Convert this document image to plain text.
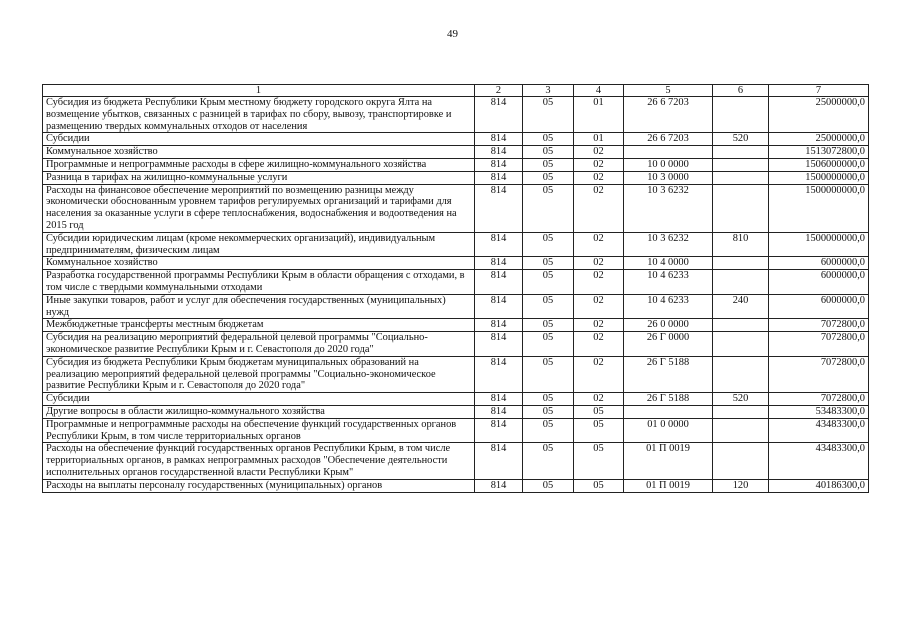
49
1	2	3	4	5	6	7
Субсидия из бюджета Республики Крым местному бюджету городского округа Ялта на возмещение убытков, связанных с разницей в тарифах по сбору, вывозу, транспортировке и размещению твердых коммунальных отходов от населения	814	05	01	26 6 7203		25000000,0
Субсидии	814	05	01	26 6 7203	520	25000000,0
Коммунальное хозяйство	814	05	02			1513072800,0
Программные и непрограммные расходы в сфере жилищно-коммунального хозяйства	814	05	02	10 0 0000		1506000000,0
Разница в тарифах на жилищно-коммунальные услуги	814	05	02	10 3 0000		1500000000,0
Расходы на финансовое обеспечение мероприятий по возмещению разницы между экономически обоснованным уровнем тарифов регулируемых организаций и тарифами для населения за оказанные услуги в сфере теплоснабжения, водоснабжения и водоотведения на 2015 год	814	05	02	10 3 6232		1500000000,0
Субсидии юридическим лицам (кроме некоммерческих организаций), индивидуальным предпринимателям, физическим лицам	814	05	02	10 3 6232	810	1500000000,0
Коммунальное хозяйство	814	05	02	10 4 0000		6000000,0
Разработка государственной программы Республики Крым в области обращения с отходами, в том числе с твердыми коммунальными отходами	814	05	02	10 4 6233		6000000,0
Иные закупки товаров, работ и услуг для обеспечения государственных (муниципальных) нужд	814	05	02	10 4 6233	240	6000000,0
Межбюджетные трансферты местным бюджетам	814	05	02	26 0 0000		7072800,0
Субсидия на реализацию мероприятий федеральной целевой программы "Социально-экономическое развитие Республики Крым и г. Севастополя до 2020 года"	814	05	02	26 Г 0000		7072800,0
Субсидия из бюджета Республики Крым бюджетам муниципальных образований на реализацию мероприятий федеральной целевой программы "Социально-экономическое развитие Республики Крым и г. Севастополя до 2020 года"	814	05	02	26 Г 5188		7072800,0
Субсидии	814	05	02	26 Г 5188	520	7072800,0
Другие вопросы в области жилищно-коммунального хозяйства	814	05	05			53483300,0
Программные и непрограммные расходы на обеспечение функций государственных органов Республики Крым, в том числе территориальных органов	814	05	05	01 0 0000		43483300,0
Расходы на обеспечение функций государственных органов Республики Крым, в том числе территориальных органов, в рамках непрограммных расходов "Обеспечение деятельности исполнительных органов государственной власти Республики Крым"	814	05	05	01 П 0019		43483300,0
Расходы на выплаты персоналу государственных (муниципальных) органов	814	05	05	01 П 0019	120	40186300,0
